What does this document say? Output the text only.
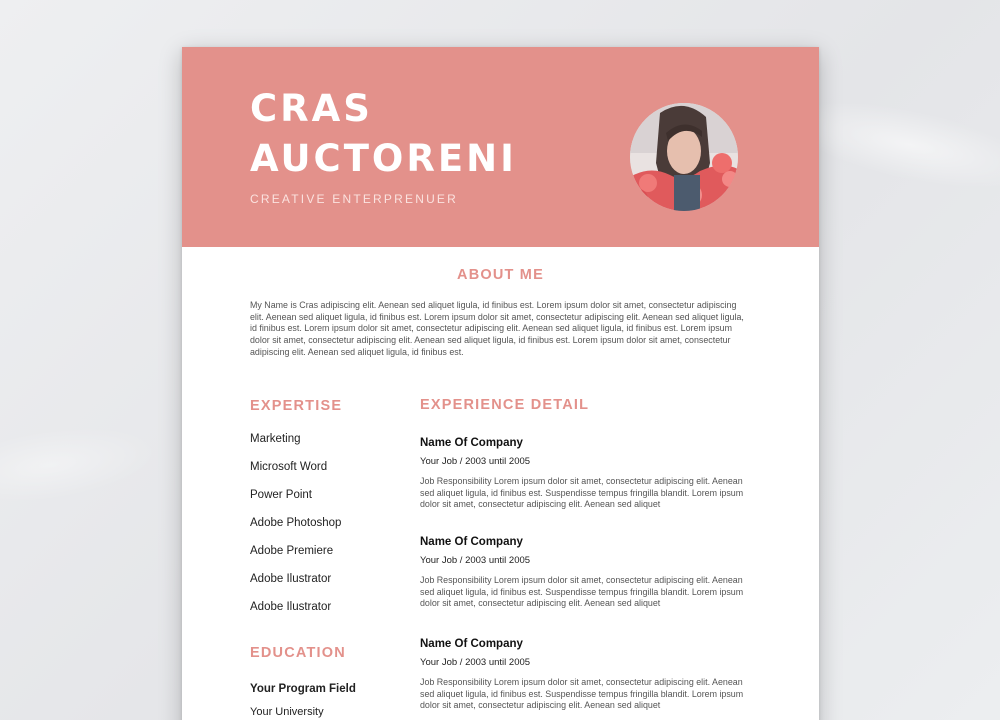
CRAS
AUCTORENI
CREATIVE ENTERPRENUER
ABOUT ME

My Name is Cras adipiscing elit. Aenean sed aliquet ligula, id finibus est. Lorem ipsum dolor sit amet, consectetur adipiscing elit. Aenean sed aliquet ligula, id finibus est. Lorem ipsum dolor sit amet, consectetur adipiscing elit. Aenean sed aliquet ligula, id finibus est. Lorem ipsum dolor sit amet, consectetur adipiscing elit. Aenean sed aliquet ligula, id finibus est. Lorem ipsum dolor sit amet, consectetur adipiscing elit. Aenean sed aliquet ligula, id finibus est. Lorem ipsum dolor sit amet, consectetur adipiscing elit. Aenean sed aliquet ligula, id finibus est.

EXPERTISE
Marketing
Microsoft Word
Power Point
Adobe Photoshop
Adobe Premiere
Adobe Ilustrator
Adobe Ilustrator
EDUCATION
Your Program Field
Your University
EXPERIENCE DETAIL
Name Of Company
Your Job / 2003 until 2005

Job Responsibility Lorem ipsum dolor sit amet, consectetur adipiscing elit. Aenean sed aliquet ligula, id finibus est. Suspendisse tempus fringilla blandit. Lorem ipsum dolor sit amet, consectetur adipiscing elit. Aenean sed aliquet

Name Of Company
Your Job / 2003 until 2005

Job Responsibility Lorem ipsum dolor sit amet, consectetur adipiscing elit. Aenean sed aliquet ligula, id finibus est. Suspendisse tempus fringilla blandit. Lorem ipsum dolor sit amet, consectetur adipiscing elit. Aenean sed aliquet

Name Of Company
Your Job / 2003 until 2005

Job Responsibility Lorem ipsum dolor sit amet, consectetur adipiscing elit. Aenean sed aliquet ligula, id finibus est. Suspendisse tempus fringilla blandit. Lorem ipsum dolor sit amet, consectetur adipiscing elit. Aenean sed aliquet
